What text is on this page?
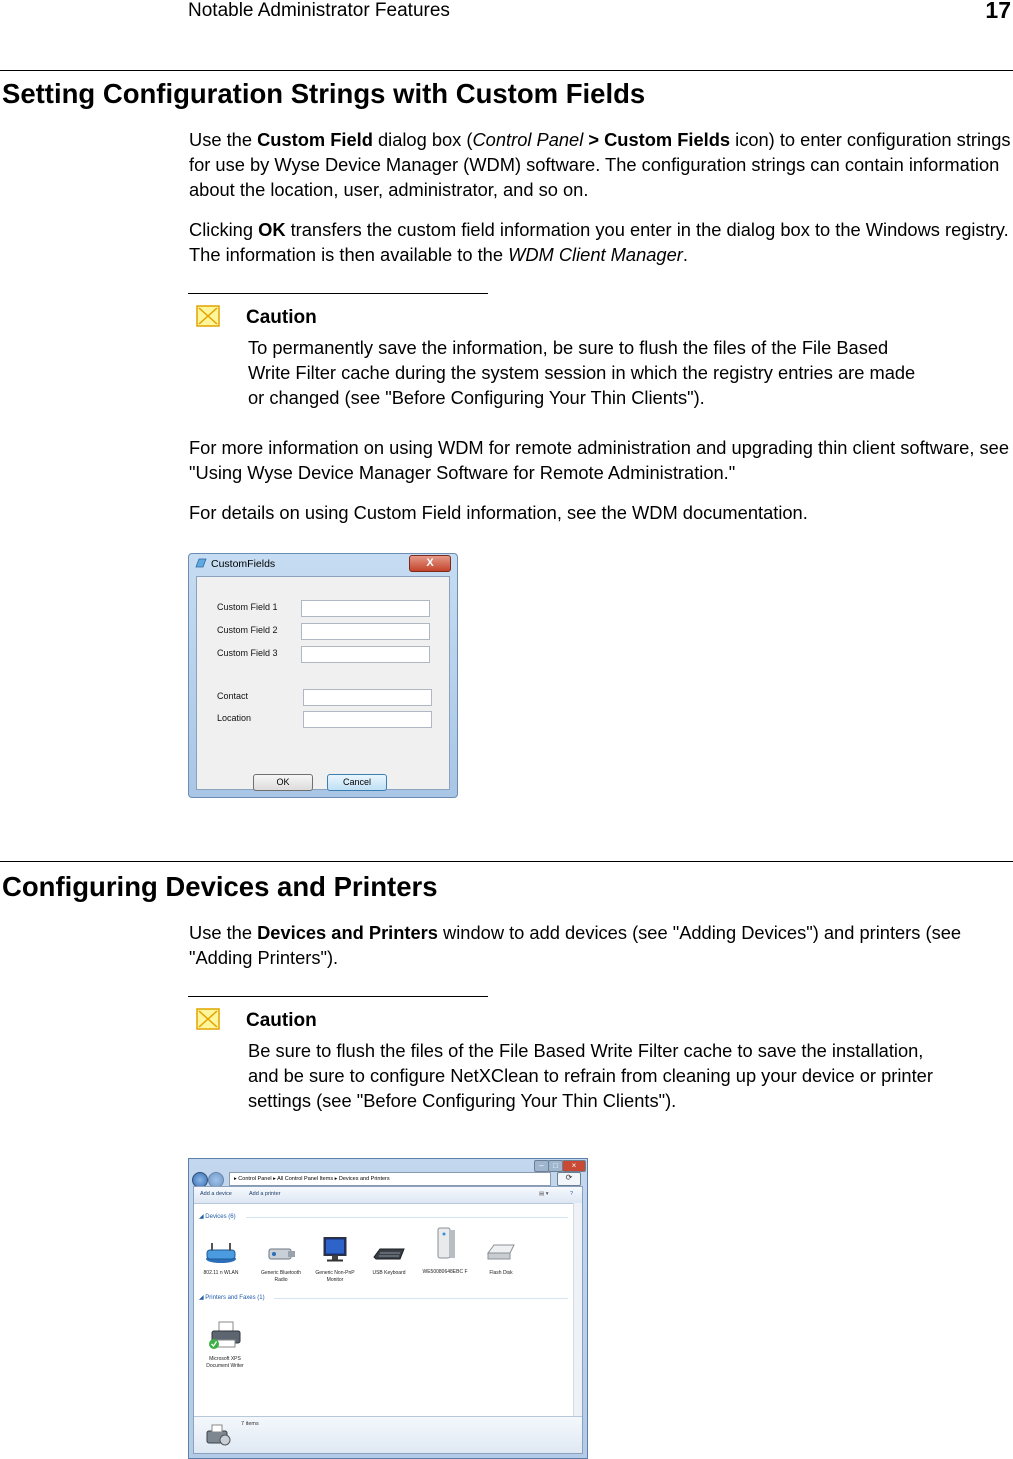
Notable Administrator Features	17
Setting Configuration Strings with Custom Fields

Use the Custom Field dialog box (Control Panel > Custom Fields icon) to enter configuration strings for use by Wyse Device Manager (WDM) software. The configuration strings can contain information about the location, user, administrator, and so on.

Clicking OK transfers the custom field information you enter in the dialog box to the Windows registry. The information is then available to the WDM Client Manager.

Caution

To permanently save the information, be sure to flush the files of the File Based Write Filter cache during the system session in which the registry entries are made or changed (see "Before Configuring Your Thin Clients").

For more information on using WDM for remote administration and upgrading thin client software, see "Using Wyse Device Manager Software for Remote Administration."

For details on using Custom Field information, see the WDM documentation.

CustomFields	X
Custom Field 1
Custom Field 2
Custom Field 3
Contact
Location
OK	Cancel
Configuring Devices and Printers

Use the Devices and Printers window to add devices (see "Adding Devices") and printers (see "Adding Printers").

Caution

Be sure to flush the files of the File Based Write Filter cache to save the installation, and be sure to configure NetXClean to refrain from cleaning up your device or printer settings (see "Before Configuring Your Thin Clients").

–	□	×
▸ Control Panel ▸ All Control Panel Items ▸ Devices and Printers	⟳
Add a device	Add a printer	▤ ▾	?
◢ Devices (6)
802.11 n WLAN	Generic Bluetooth Radio
Generic Non-PnP Monitor
USB Keyboard	WE50080648EBC F	Flash Disk
◢ Printers and Faxes (1)
Microsoft XPS Document Writer
7 items
